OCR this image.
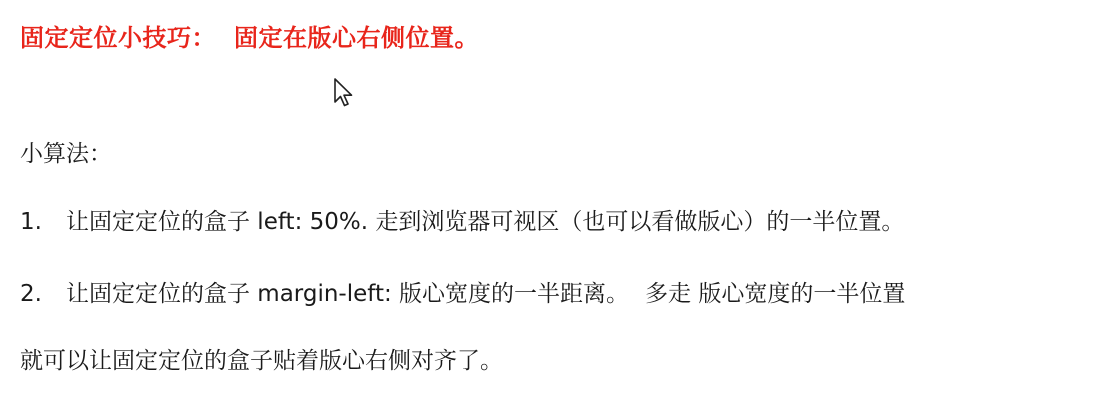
固定定位小技巧： 固定在版心右侧位置。
小算法：
1. 让固定定位的盒子 left: 50%. 走到浏览器可视区（也可以看做版心）的一半位置。
2. 让固定定位的盒子 margin-left: 版心宽度的一半距离。 多走 版心宽度的一半位置
就可以让固定定位的盒子贴着版心右侧对齐了。
